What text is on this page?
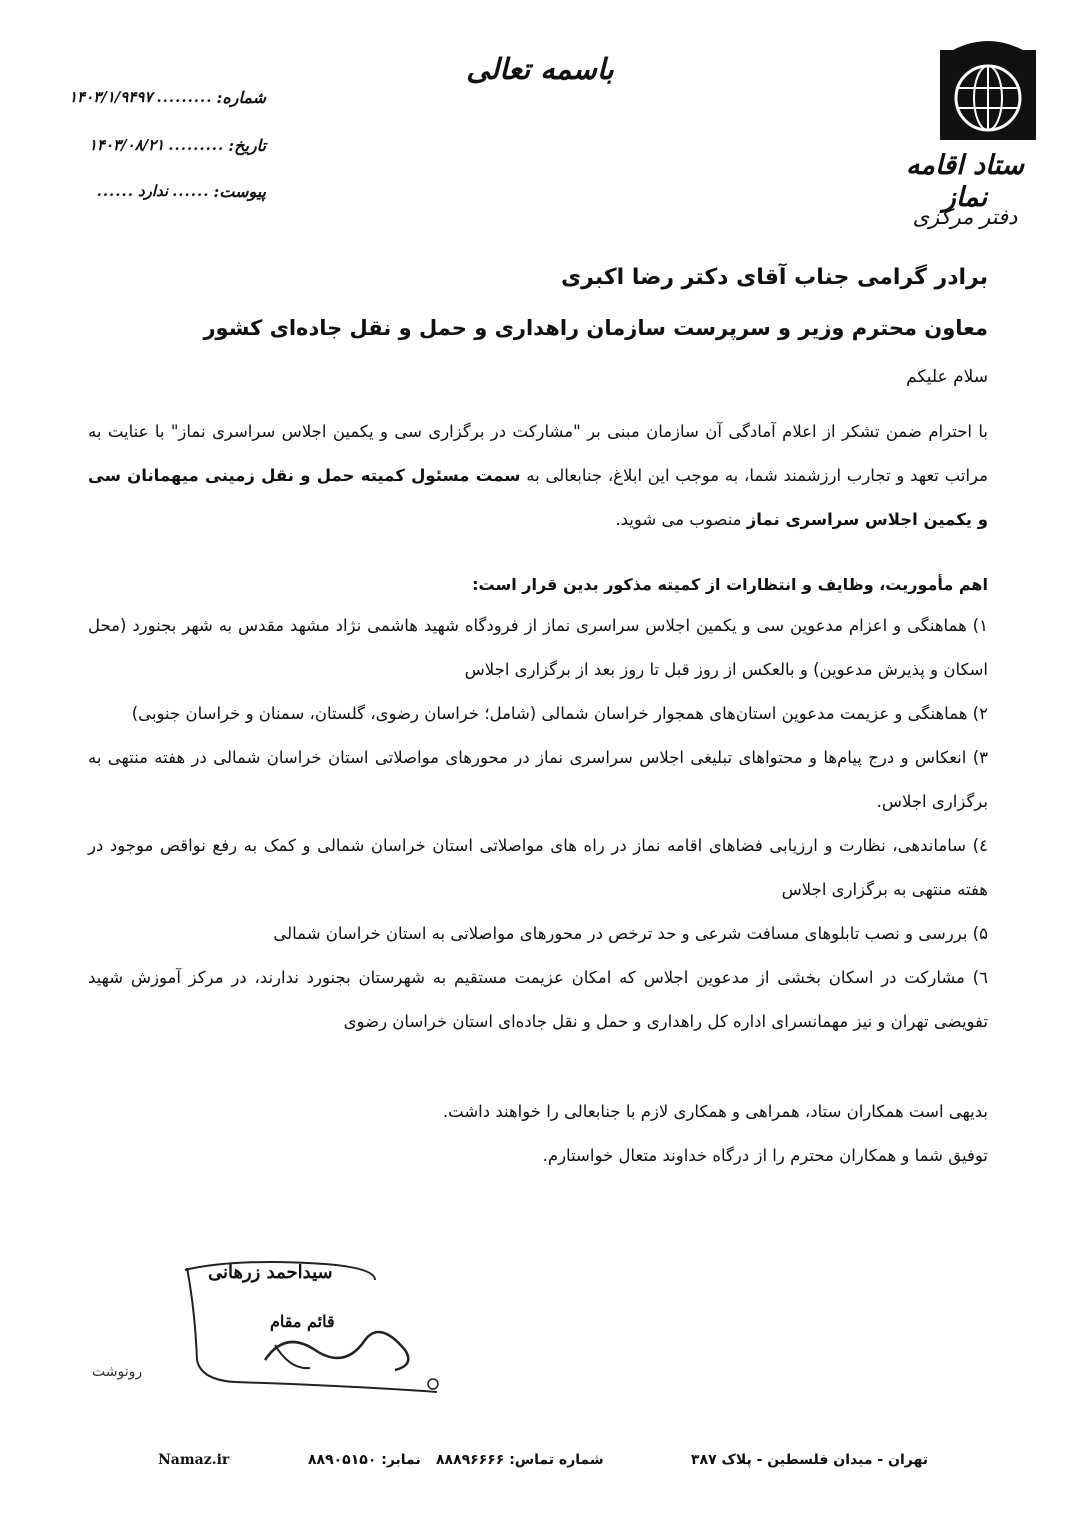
ستاد اقامه نماز
دفتر مرکزی
باسمه تعالی
شماره:
.........
۱۴۰۳/۱/۹۴۹۷
تاریخ:
.........
۱۴۰۳/۰۸/۲۱
پیوست:
......
ندارد
......
برادر گرامی جناب آقای دکتر رضا اکبری
معاون محترم وزیر و سرپرست سازمان راهداری و حمل و نقل جاده‌ای کشور
سلام علیکم
با احترام ضمن تشکر از اعلام آمادگی آن سازمان مبنی بر "مشارکت در برگزاری سی و یکمین اجلاس سراسری نماز" با عنایت به مراتب تعهد و تجارب ارزشمند شما، به موجب این ابلاغ، جنابعالی به سمت مسئول کمیته حمل و نقل زمینی میهمانان سی و یکمین اجلاس سراسری نماز منصوب می شوید.
اهم مأموریت، وظایف و انتظارات از کمیته مذکور بدین قرار است:
۱) هماهنگی و اعزام مدعوین سی و یکمین اجلاس سراسری نماز از فرودگاه شهید هاشمی نژاد مشهد مقدس به شهر بجنورد (محل اسکان و پذیرش مدعوین) و بالعکس از روز قبل تا روز بعد از برگزاری اجلاس
۲) هماهنگی و عزیمت مدعوین استان‌های همجوار خراسان شمالی (شامل؛ خراسان رضوی، گلستان، سمنان و خراسان جنوبی)
۳) انعکاس و درج پیام‌ها و محتواهای تبلیغی اجلاس سراسری نماز در محورهای مواصلاتی استان خراسان شمالی در هفته منتهی به برگزاری اجلاس.
٤) ساماندهی، نظارت و ارزیابی فضاهای اقامه نماز در راه های مواصلاتی استان خراسان شمالی و کمک به رفع نواقص موجود در هفته منتهی به برگزاری اجلاس
۵) بررسی و نصب تابلوهای مسافت شرعی و حد ترخص در محورهای مواصلاتی به استان خراسان شمالی
٦) مشارکت در اسکان بخشی از مدعوین اجلاس که امکان عزیمت مستقیم به شهرستان بجنورد ندارند، در مرکز آموزش شهید تفویضی تهران و نیز مهمانسرای اداره کل راهداری و حمل و نقل جاده‌ای استان خراسان رضوی
بدیهی است همکاران ستاد، همراهی و همکاری لازم با جنابعالی را خواهند داشت.
توفیق شما و همکاران محترم را از درگاه خداوند متعال خواستارم.
سیداحمد زرهانی
قائم مقام
رونوشت
تهران - میدان فلسطین - پلاک ۳۸۷
شماره تماس: ۸۸۸۹۶۶۶۶
نمابر: ۸۸۹۰۵۱۵۰
Namaz.ir
